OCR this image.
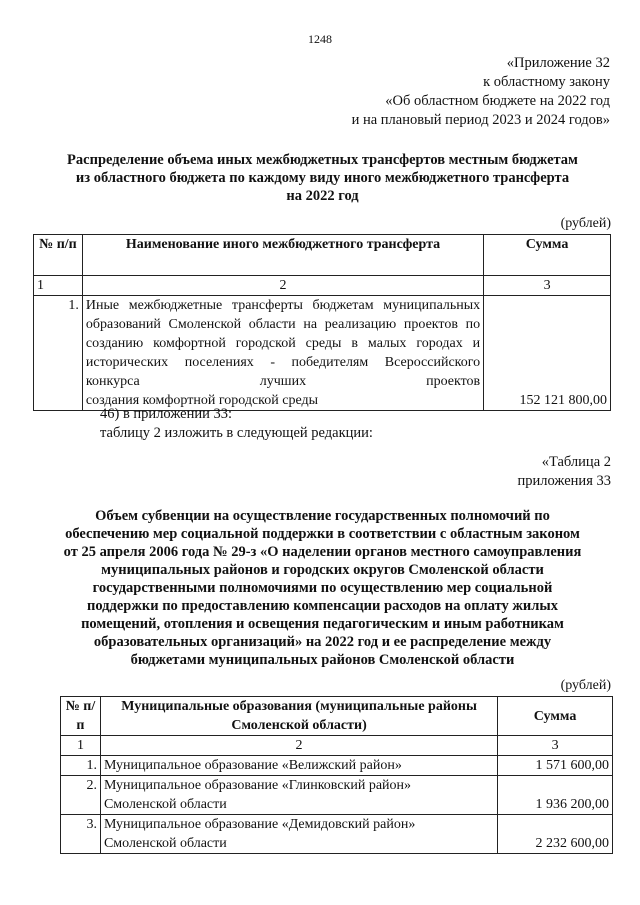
1248
«Приложение 32
к областному закону
«Об областном бюджете на 2022 год
и на плановый период 2023 и 2024 годов»
Распределение объема иных межбюджетных трансфертов местным бюджетам
из областного бюджета по каждому виду иного межбюджетного трансферта
на 2022 год
(рублей)
№ п/п	Наименование иного межбюджетного трансферта	Сумма
1	2	3
1.	Иные межбюджетные трансферты бюджетам муниципальных образований Смоленской области на реализацию проектов по созданию комфортной городской среды в малых городах и исторических поселениях - победителям Всероссийского конкурса лучших проектов
создания комфортной городской среды	152 121 800,00
46) в приложении 33:
таблицу 2 изложить в следующей редакции:
«Таблица 2
приложения 33
Объем субвенции на осуществление государственных полномочий по
обеспечению мер социальной поддержки в соответствии с областным законом
от 25 апреля 2006 года № 29-з «О наделении органов местного самоуправления
муниципальных районов и городских округов Смоленской области
государственными полномочиями по осуществлению мер социальной
поддержки по предоставлению компенсации расходов на оплату жилых
помещений, отопления и освещения педагогическим и иным работникам
образовательных организаций» на 2022 год и ее распределение между
бюджетами муниципальных районов Смоленской области
(рублей)
№ п/п	Муниципальные образования (муниципальные районы Смоленской области)	Сумма
1	2	3
1.	Муниципальное образование «Велижский район»	1 571 600,00
2.	Муниципальное образование «Глинковский район»
Смоленской области	1 936 200,00
3.	Муниципальное образование «Демидовский район»
Смоленской области	2 232 600,00
